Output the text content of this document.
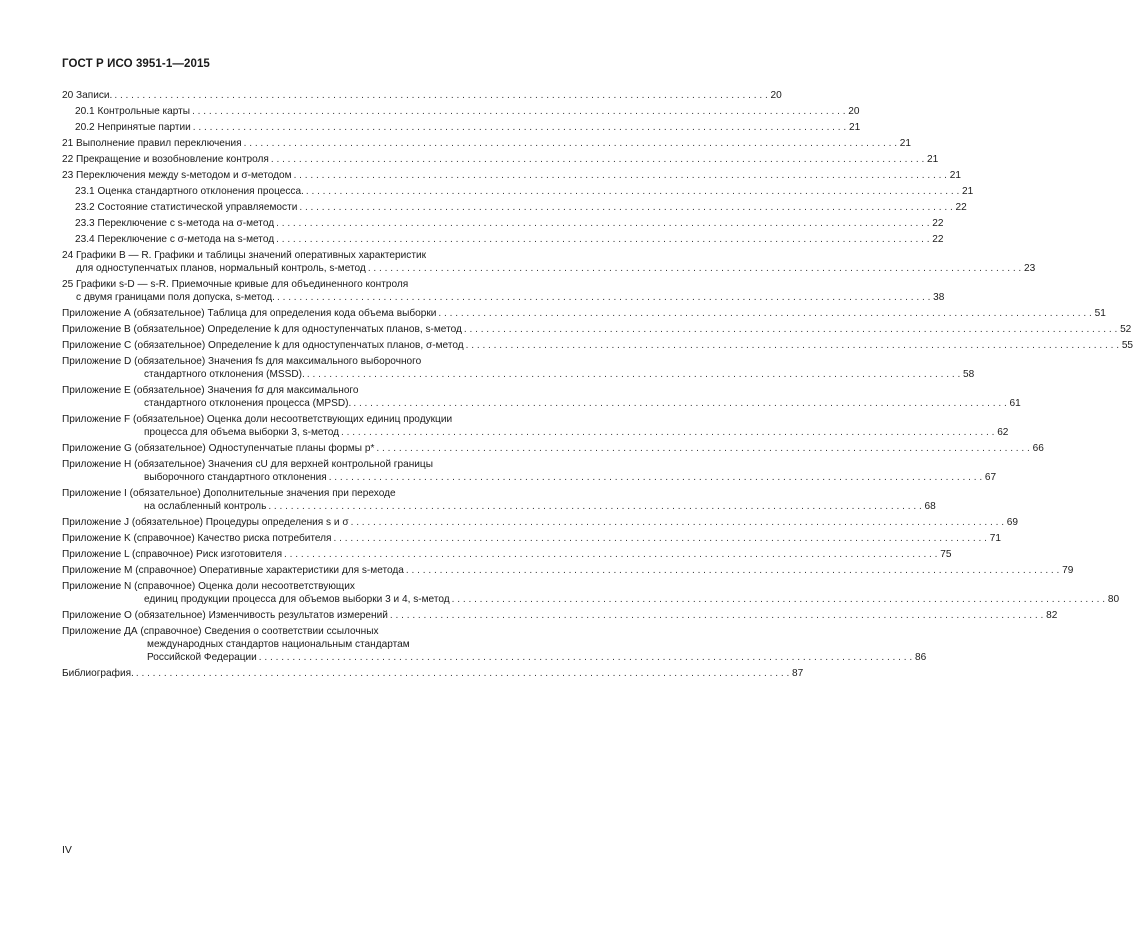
ГОСТ Р ИСО 3951-1—2015
20 Записи. . . .	20
20.1 Контрольные карты . . .	20
20.2 Непринятые партии . . .	21
21 Выполнение правил переключения . . .	21
22 Прекращение и возобновление контроля . . .	21
23 Переключения между s-методом и σ-методом . . .	21
23.1 Оценка стандартного отклонения процесса. . . .	21
23.2 Состояние статистической управляемости . . .	22
23.3 Переключение с s-метода на σ-метод . . .	22
23.4 Переключение с σ-метода на s-метод . . .	22
24 Графики В — R. Графики и таблицы значений оперативных характеристик
для одноступенчатых планов, нормальный контроль, s-метод . . .	23
25 Графики s-D — s-R. Приемочные кривые для объединенного контроля
с двумя границами поля допуска, s-метод. . . .	38
Приложение А (обязательное) Таблица для определения кода объема выборки . . .	51
Приложение В (обязательное) Определение k для одноступенчатых планов, s-метод . . .	52
Приложение С (обязательное) Определение k для одноступенчатых планов, σ-метод . . .	55
Приложение D (обязательное) Значения fs для максимального выборочного
стандартного отклонения (MSSD). . . .	58
Приложение E (обязательное) Значения fσ для максимального
стандартного отклонения процесса (MPSD). . . .	61
Приложение F (обязательное) Оценка доли несоответствующих единиц продукции
процесса для объема выборки 3, s-метод . . .	62
Приложение G (обязательное) Одноступенчатые планы формы p* . . .	66
Приложение H (обязательное) Значения cU для верхней контрольной границы
выборочного стандартного отклонения . . .	67
Приложение I (обязательное) Дополнительные значения при переходе
на ослабленный контроль . . .	68
Приложение J (обязательное) Процедуры определения s и σ . . .	69
Приложение K (справочное) Качество риска потребителя . . .	71
Приложение L (справочное) Риск изготовителя . . .	75
Приложение M (справочное) Оперативные характеристики для s-метода . . .	79
Приложение N (справочное) Оценка доли несоответствующих
единиц продукции процесса для объемов выборки 3 и 4, s-метод . . .	80
Приложение О (обязательное) Изменчивость результатов измерений . . .	82
Приложение ДА (справочное) Сведения о соответствии ссылочных
международных стандартов национальным стандартам
Российской Федерации . . .	86
Библиография. . . .	87
IV
